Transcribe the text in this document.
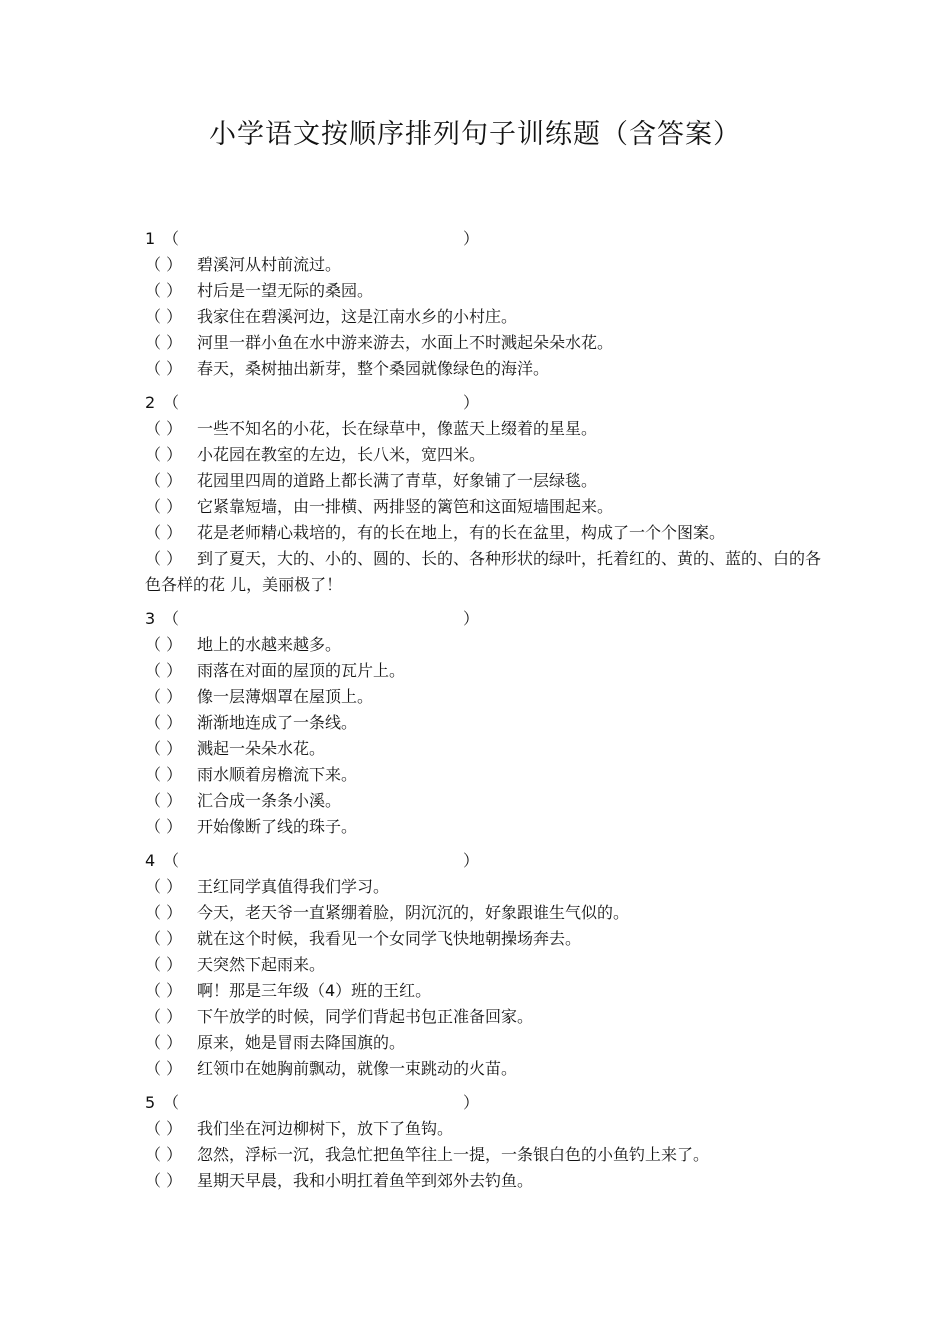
小学语文按顺序排列句子训练题（含答案）
1 （	）
（ ） 碧溪河从村前流过。
（ ） 村后是一望无际的桑园。
（ ） 我家住在碧溪河边，这是江南水乡的小村庄。
（ ） 河里一群小鱼在水中游来游去，水面上不时溅起朵朵水花。
（ ） 春天，桑树抽出新芽，整个桑园就像绿色的海洋。
2 （	）
（ ） 一些不知名的小花，长在绿草中，像蓝天上缀着的星星。
（ ） 小花园在教室的左边，长八米，宽四米。
（ ） 花园里四周的道路上都长满了青草，好象铺了一层绿毯。
（ ） 它紧靠短墙，由一排横、两排竖的篱笆和这面短墙围起来。
（ ） 花是老师精心栽培的，有的长在地上，有的长在盆里，构成了一个个图案。
（ ） 到了夏天，大的、小的、圆的、长的、各种形状的绿叶，托着红的、黄的、蓝的、白的各色各样的花 儿，美丽极了！
3 （	）
（ ） 地上的水越来越多。
（ ） 雨落在对面的屋顶的瓦片上。
（ ） 像一层薄烟罩在屋顶上。
（ ） 渐渐地连成了一条线。
（ ） 溅起一朵朵水花。
（ ） 雨水顺着房檐流下来。
（ ） 汇合成一条条小溪。
（ ） 开始像断了线的珠子。
4 （	）
（ ） 王红同学真值得我们学习。
（ ） 今天，老天爷一直紧绷着脸，阴沉沉的，好象跟谁生气似的。
（ ） 就在这个时候，我看见一个女同学飞快地朝操场奔去。
（ ） 天突然下起雨来。
（ ） 啊！那是三年级（4）班的王红。
（ ） 下午放学的时候，同学们背起书包正准备回家。
（ ） 原来，她是冒雨去降国旗的。
（ ） 红领巾在她胸前飘动，就像一束跳动的火苗。
5 （	）
（ ） 我们坐在河边柳树下，放下了鱼钩。
（ ） 忽然，浮标一沉，我急忙把鱼竿往上一提，一条银白色的小鱼钓上来了。
（ ） 星期天早晨，我和小明扛着鱼竿到郊外去钓鱼。
